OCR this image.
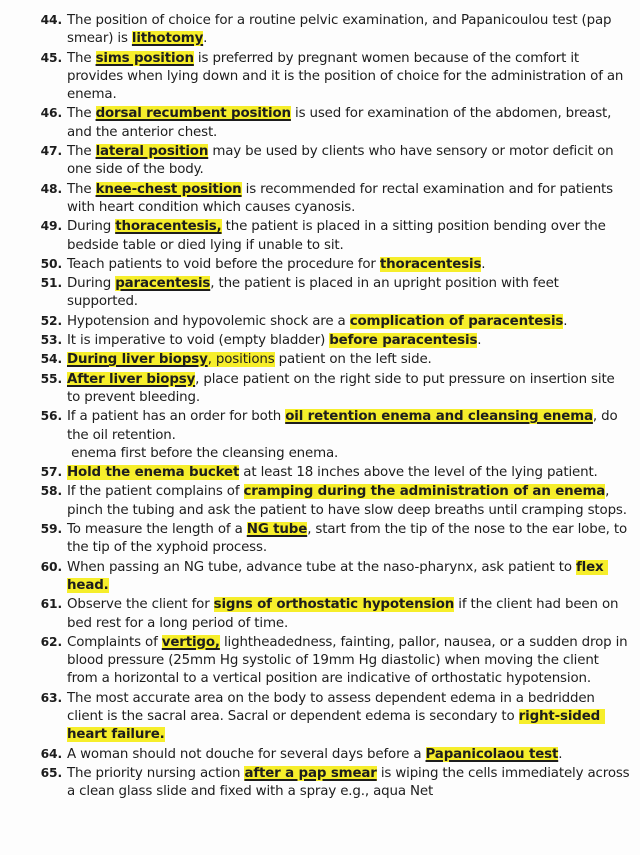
44. The position of choice for a routine pelvic examination, and Papanicoulou test (pap smear) is lithotomy.
45. The sims position is preferred by pregnant women because of the comfort it provides when lying down and it is the position of choice for the administration of an enema.
46. The dorsal recumbent position is used for examination of the abdomen, breast, and the anterior chest.
47. The lateral position may be used by clients who have sensory or motor deficit on one side of the body.
48. The knee-chest position is recommended for rectal examination and for patients with heart condition which causes cyanosis.
49. During thoracentesis, the patient is placed in a sitting position bending over the bedside table or died lying if unable to sit.
50. Teach patients to void before the procedure for thoracentesis.
51. During paracentesis, the patient is placed in an upright position with feet supported.
52. Hypotension and hypovolemic shock are a complication of paracentesis.
53. It is imperative to void (empty bladder) before paracentesis.
54. During liver biopsy, positions patient on the left side.
55. After liver biopsy, place patient on the right side to put pressure on insertion site to prevent bleeding.
56. If a patient has an order for both oil retention enema and cleansing enema, do the oil retention.
enema first before the cleansing enema.
57. Hold the enema bucket at least 18 inches above the level of the lying patient.
58. If the patient complains of cramping during the administration of an enema, pinch the tubing and ask the patient to have slow deep breaths until cramping stops.
59. To measure the length of a NG tube, start from the tip of the nose to the ear lobe, to the tip of the xyphoid process.
60. When passing an NG tube, advance tube at the naso-pharynx, ask patient to flex head.
61. Observe the client for signs of orthostatic hypotension if the client had been on bed rest for a long period of time.
62. Complaints of vertigo, lightheadedness, fainting, pallor, nausea, or a sudden drop in blood pressure (25mm Hg systolic of 19mm Hg diastolic) when moving the client from a horizontal to a vertical position are indicative of orthostatic hypotension.
63. The most accurate area on the body to assess dependent edema in a bedridden client is the sacral area. Sacral or dependent edema is secondary to right-sided heart failure.
64. A woman should not douche for several days before a Papanicolaou test.
65. The priority nursing action after a pap smear is wiping the cells immediately across a clean glass slide and fixed with a spray e.g., aqua Net
